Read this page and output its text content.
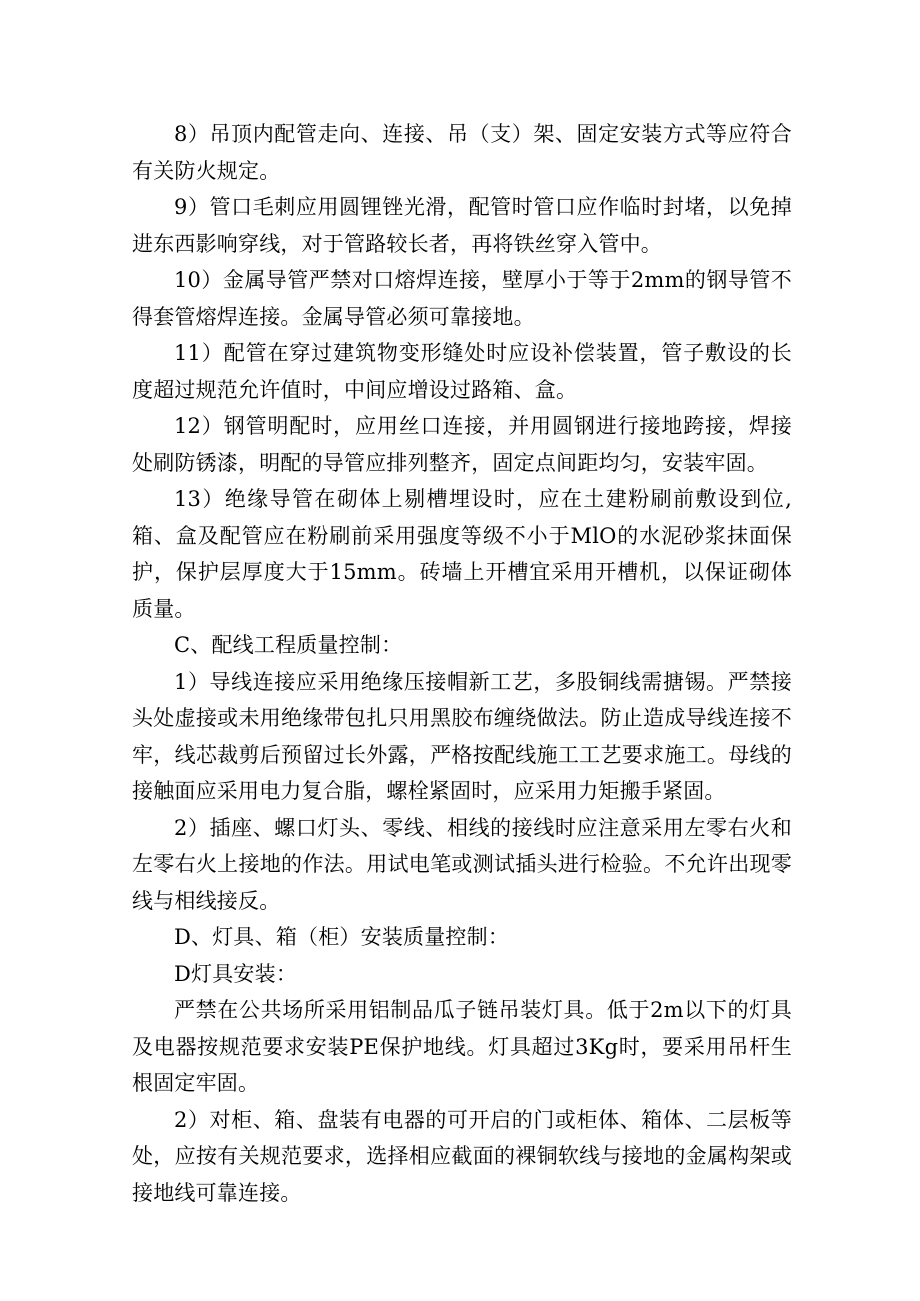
8）吊顶内配管走向、连接、吊（支）架、固定安装方式等应符合有关防火规定。

9）管口毛刺应用圆锂锉光滑，配管时管口应作临时封堵，以免掉进东西影响穿线，对于管路较长者，再将铁丝穿入管中。

10）金属导管严禁对口熔焊连接，壁厚小于等于2mm的钢导管不得套管熔焊连接。金属导管必须可靠接地。

11）配管在穿过建筑物变形缝处时应设补偿装置，管子敷设的长度超过规范允许值时，中间应增设过路箱、盒。

12）钢管明配时，应用丝口连接，并用圆钢进行接地跨接，焊接处刷防锈漆，明配的导管应排列整齐，固定点间距均匀，安装牢固。

13）绝缘导管在砌体上剔槽埋设时，应在土建粉刷前敷设到位,箱、盒及配管应在粉刷前采用强度等级不小于MlO的水泥砂浆抹面保护，保护层厚度大于15mm。砖墙上开槽宜采用开槽机，以保证砌体质量。

C、配线工程质量控制：

1）导线连接应采用绝缘压接帽新工艺，多股铜线需搪锡。严禁接头处虚接或未用绝缘带包扎只用黑胶布缠绕做法。防止造成导线连接不牢，线芯裁剪后预留过长外露，严格按配线施工工艺要求施工。母线的接触面应采用电力复合脂，螺栓紧固时，应采用力矩搬手紧固。

2）插座、螺口灯头、零线、相线的接线时应注意采用左零右火和左零右火上接地的作法。用试电笔或测试插头进行检验。不允许出现零线与相线接反。

D、灯具、箱（柜）安装质量控制：

D灯具安装：

严禁在公共场所采用铝制品瓜子链吊装灯具。低于2m以下的灯具及电器按规范要求安装PE保护地线。灯具超过3Kg时，要采用吊杆生根固定牢固。

2）对柜、箱、盘装有电器的可开启的门或柜体、箱体、二层板等处，应按有关规范要求，选择相应截面的裸铜软线与接地的金属构架或接地线可靠连接。
